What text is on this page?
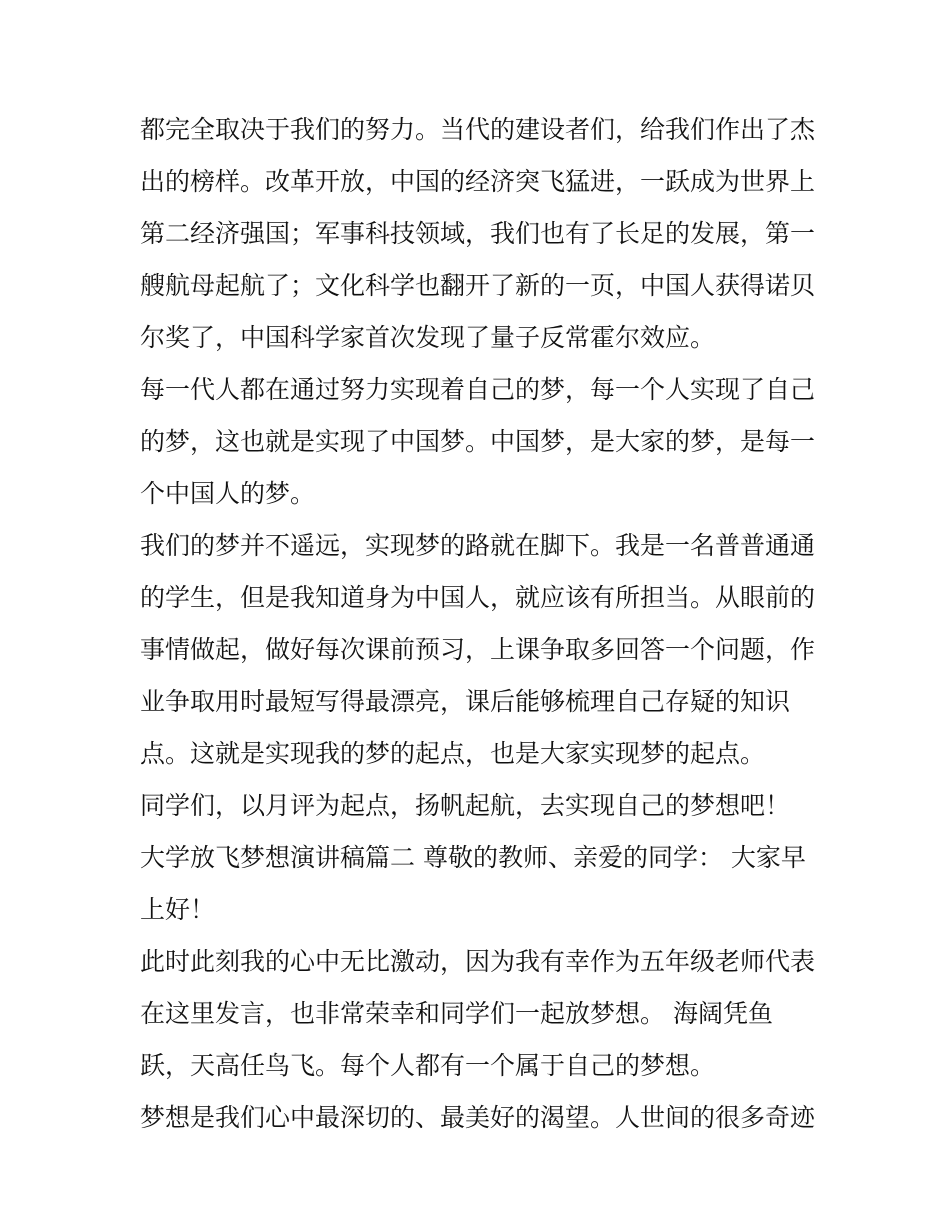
都完全取决于我们的努力。当代的建设者们，给我们作出了杰
出的榜样。改革开放，中国的经济突飞猛进，一跃成为世界上
第二经济强国；军事科技领域，我们也有了长足的发展，第一
艘航母起航了；文化科学也翻开了新的一页，中国人获得诺贝
尔奖了，中国科学家首次发现了量子反常霍尔效应。
每一代人都在通过努力实现着自己的梦，每一个人实现了自己
的梦，这也就是实现了中国梦。中国梦，是大家的梦，是每一
个中国人的梦。
我们的梦并不遥远，实现梦的路就在脚下。我是一名普普通通
的学生，但是我知道身为中国人，就应该有所担当。从眼前的
事情做起，做好每次课前预习，上课争取多回答一个问题，作
业争取用时最短写得最漂亮，课后能够梳理自己存疑的知识
点。这就是实现我的梦的起点，也是大家实现梦的起点。
同学们，以月评为起点，扬帆起航，去实现自己的梦想吧！
大学放飞梦想演讲稿篇二 尊敬的教师、亲爱的同学： 大家早
上好！
此时此刻我的心中无比激动，因为我有幸作为五年级老师代表
在这里发言，也非常荣幸和同学们一起放梦想。 海阔凭鱼
跃，天高任鸟飞。每个人都有一个属于自己的梦想。
梦想是我们心中最深切的、最美好的渴望。人世间的很多奇迹
